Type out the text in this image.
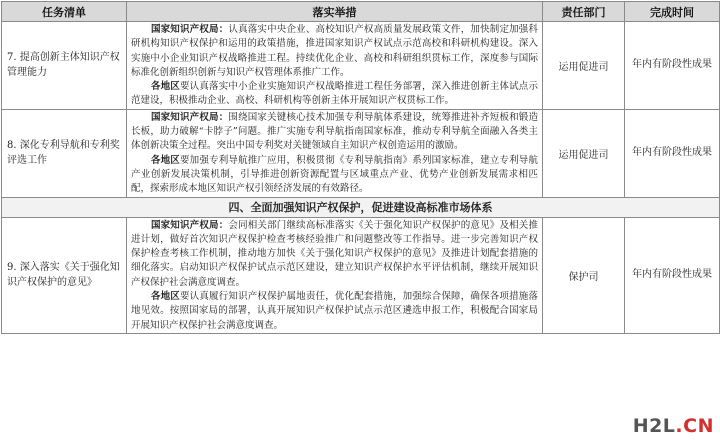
任务清单	落实举措	责任部门	完成时间
7. 提高创新主体知识产权管理能力	国家知识产权局：认真落实中央企业、高校知识产权高质量发展政策文件，加快制定加强科研机构知识产权保护和运用的政策措施，推进国家知识产权试点示范高校和科研机构建设。深入实施中小企业知识产权战略推进工程。持续优化企业、高校和科研组织贯标工作，深度参与国际标准化创新组织创新与知识产权管理体系推广工作。
各地区要认真落实中小企业实施知识产权战略推进工程任务部署，深入推进创新主体试点示范建设，积极推动企业、高校、科研机构等创新主体开展知识产权贯标工作。	运用促进司	年内有阶段性成果
8. 深化专利导航和专利奖评选工作	国家知识产权局：围绕国家关键核心技术加强专利导航体系建设，统筹推进补齐短板和锻造长板，助力破解“卡脖子”问题。推广实施专利导航指南国家标准，推动专利导航全面融入各类主体创新决策全过程。突出中国专利奖对关键领域自主知识产权创造运用的激励。
各地区要加强专利导航推广应用，积极贯彻《专利导航指南》系列国家标准，建立专利导航产业创新发展决策机制，引导推进创新资源配置与区域重点产业、优势产业创新发展需求相匹配，探索形成本地区知识产权引领经济发展的有效路径。	运用促进司	年内有阶段性成果
四、全面加强知识产权保护，促进建设高标准市场体系			
9. 深入落实《关于强化知识产权保护的意见》	国家知识产权局：会同相关部门继续高标准落实《关于强化知识产权保护的意见》及相关推进计划，做好首次知识产权保护检查考核经验推广和问题整改等工作指导。进一步完善知识产权保护检查考核工作机制，推动地方加快《关于强化知识产权保护的意见》及推进计划配套措施的细化落实。启动知识产权保护试点示范区建设，建立知识产权保护水平评估机制，继续开展知识产权保护社会满意度调查。
各地区要认真履行知识产权保护属地责任，优化配套措施，加强综合保障，确保各项措施落地见效。按照国家局的部署，认真开展知识产权保护试点示范区遴选申报工作，积极配合国家局开展知识产权保护社会满意度调查。	保护司	年内有阶段性成果
H2L.CN
